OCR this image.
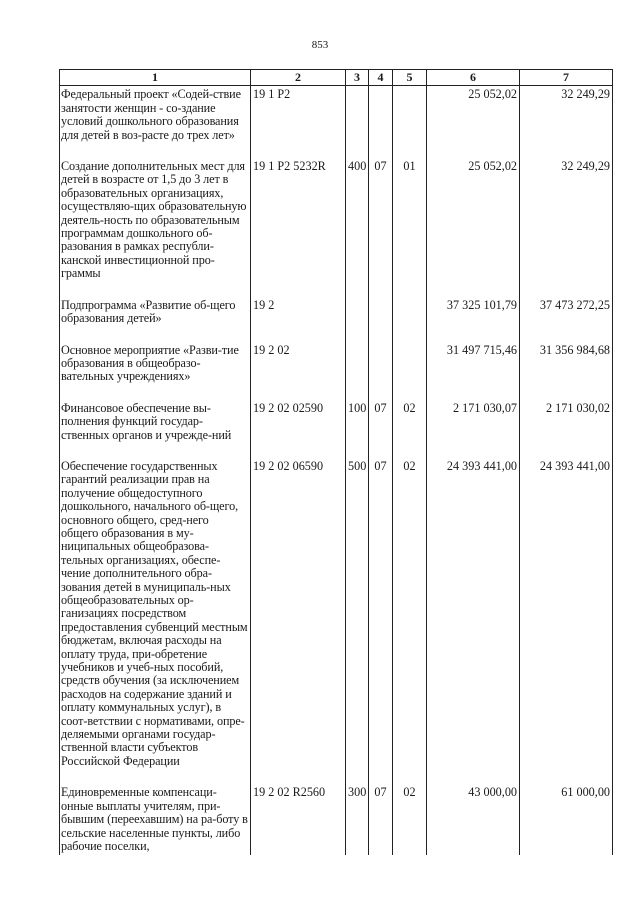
853
1	2	3	4	5	6	7
Федеральный проект «Содей-ствие занятости женщин - со-здание условий дошкольного образования для детей в воз-расте до трех лет»	19 1 P2				25 052,02	32 249,29

Создание дополнительных мест для детей в возрасте от 1,5 до 3 лет в образовательных организациях, осуществляю-щих образовательную деятель-ность по образовательным программам дошкольного об-разования в рамках республи-канской инвестиционной про-граммы	19 1 P2 5232R	400	07	01	25 052,02	32 249,29

Подпрограмма «Развитие об-щего образования детей»	19 2				37 325 101,79	37 473 272,25

Основное мероприятие «Разви-тие образования в общеобразо-вательных учреждениях»	19 2 02				31 497 715,46	31 356 984,68

Финансовое обеспечение вы-полнения функций государ-ственных органов и учрежде-ний	19 2 02 02590	100	07	02	2 171 030,07	2 171 030,02

Обеспечение государственных гарантий реализации прав на получение общедоступного дошкольного, начального об-щего, основного общего, сред-него общего образования в му-ниципальных общеобразова-тельных организациях, обеспе-чение дополнительного обра-зования детей в муниципаль-ных общеобразовательных ор-ганизациях посредством предоставления субвенций местным бюджетам, включая расходы на оплату труда, при-обретение учебников и учеб-ных пособий, средств обучения (за исключением расходов на содержание зданий и оплату коммунальных услуг), в соот-ветствии с нормативами, опре-деляемыми органами государ-ственной власти субъектов Российской Федерации	19 2 02 06590	500	07	02	24 393 441,00	24 393 441,00

Единовременные компенсаци-онные выплаты учителям, при-бывшим (переехавшим) на ра-боту в сельские населенные пункты, либо рабочие поселки,	19 2 02 R2560	300	07	02	43 000,00	61 000,00
